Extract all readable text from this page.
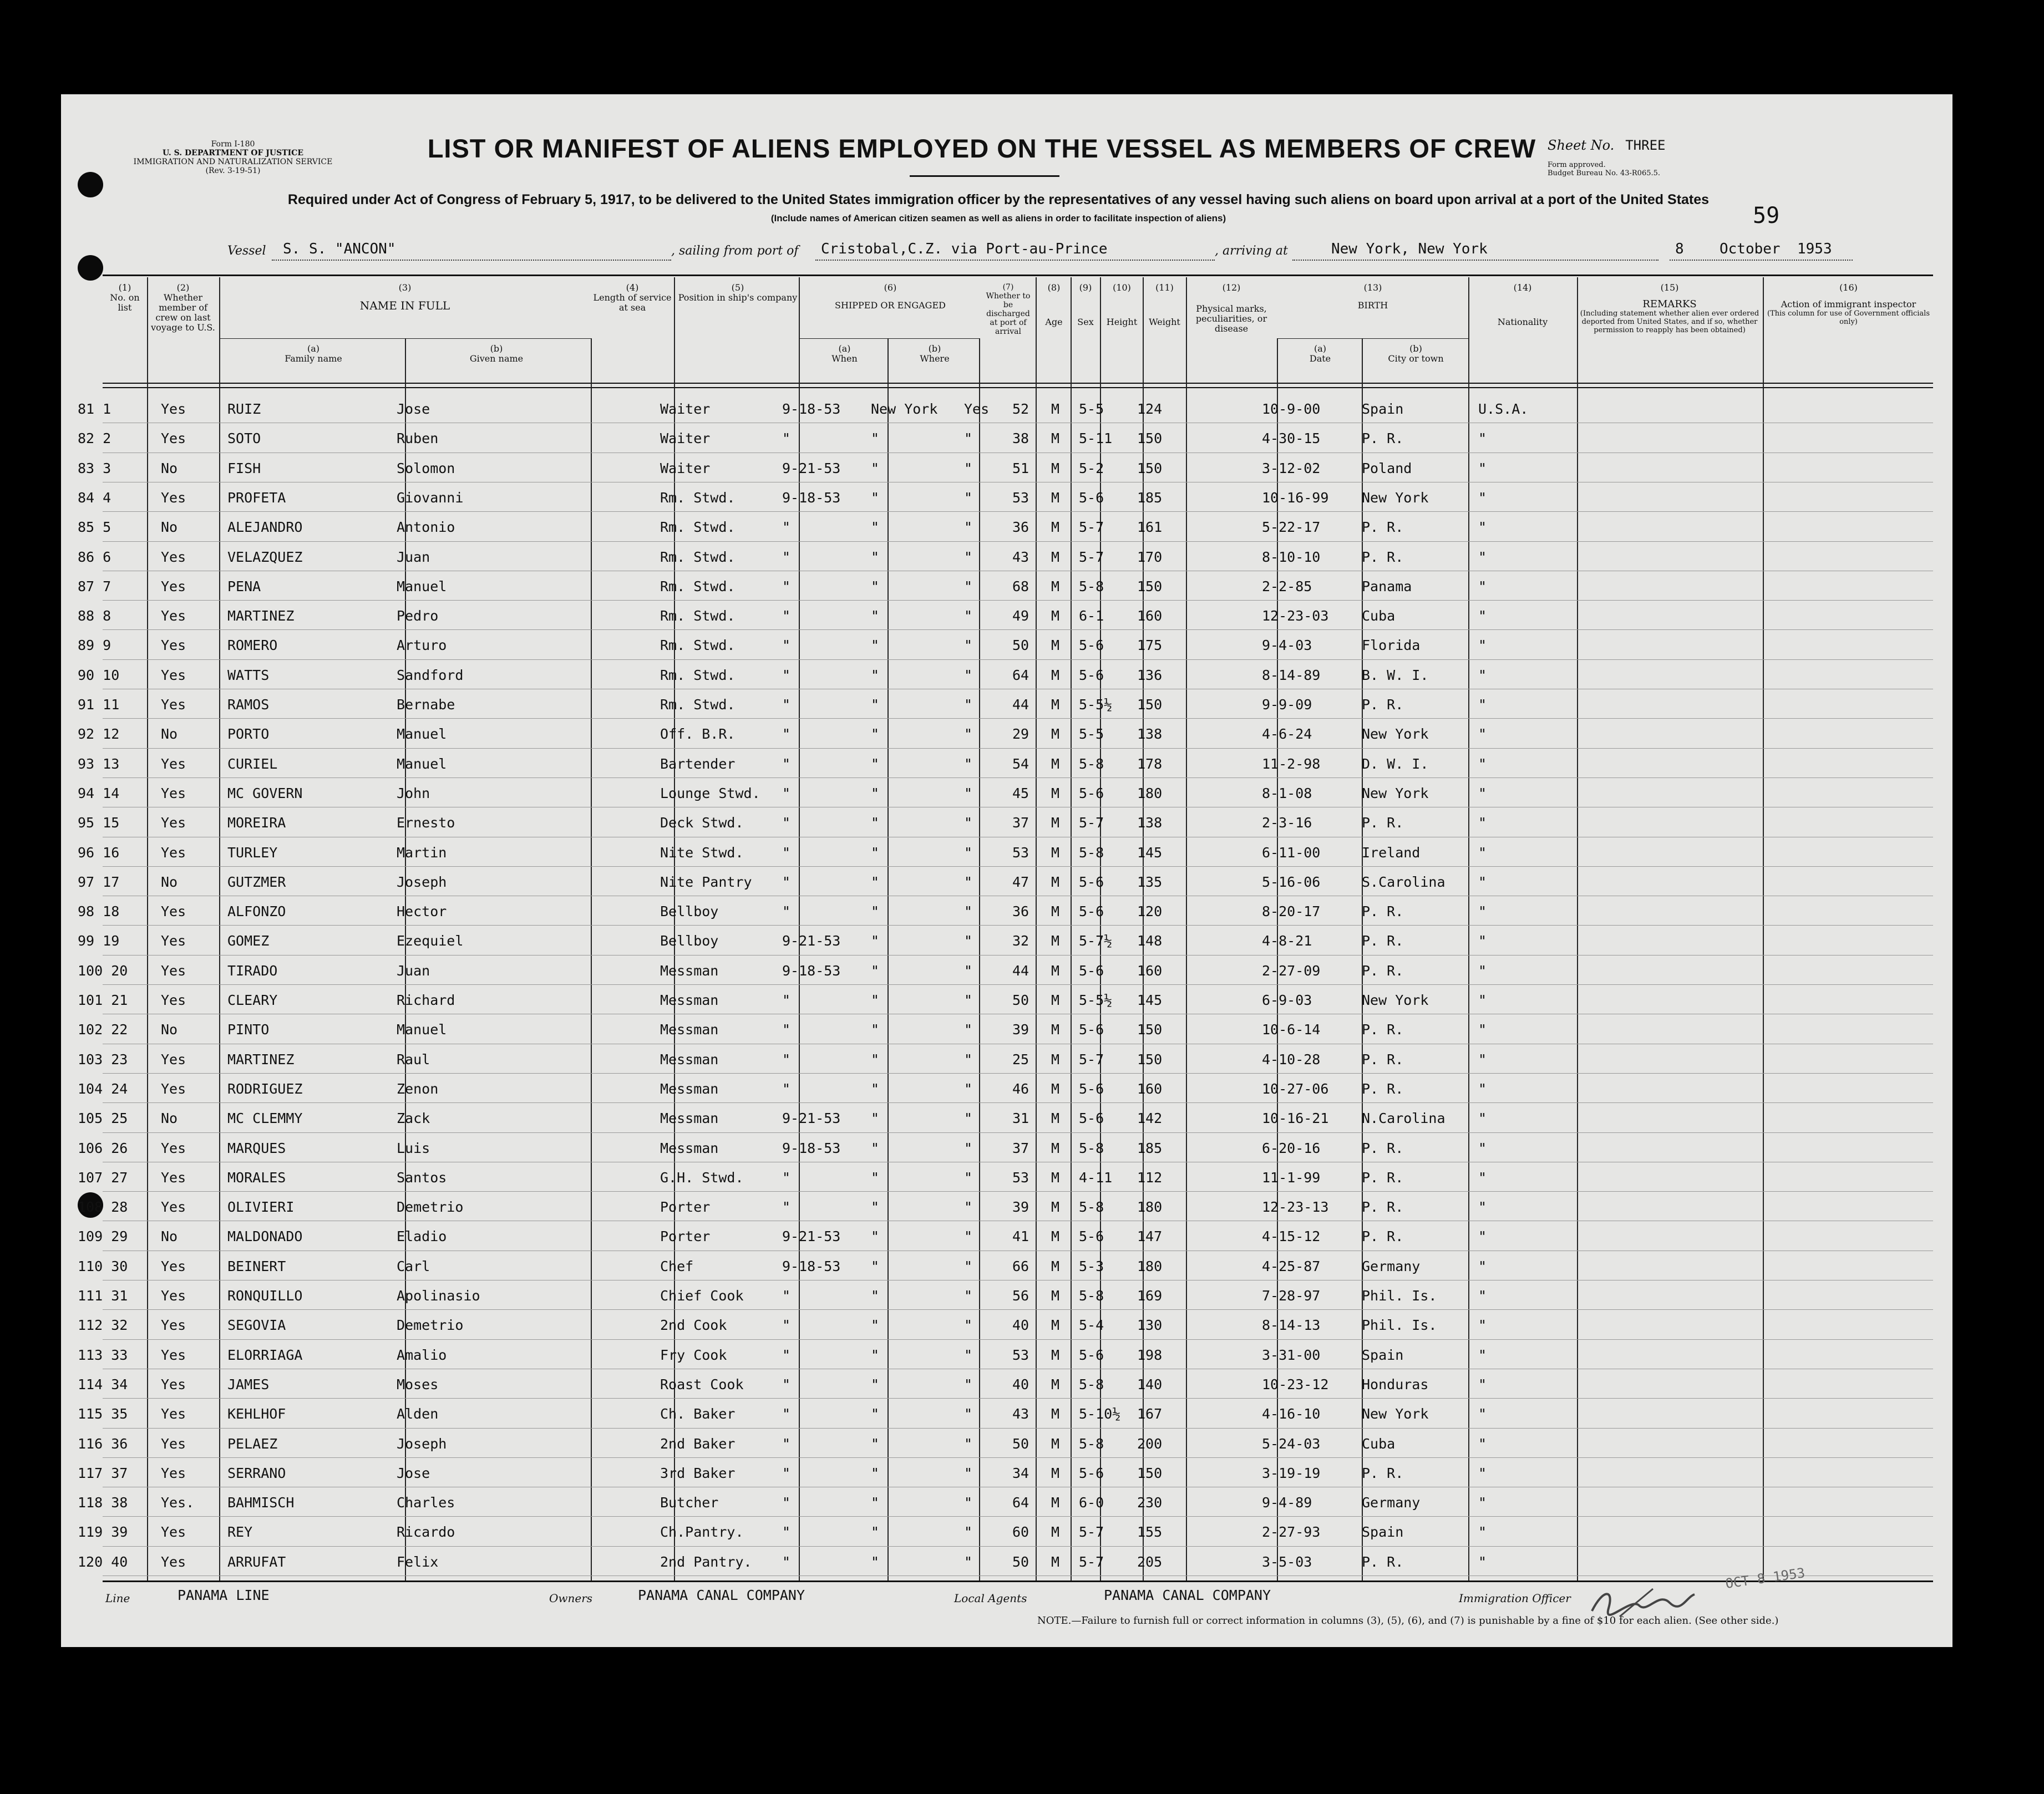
Form I-180
U. S. DEPARTMENT OF JUSTICE
IMMIGRATION AND NATURALIZATION SERVICE
(Rev. 3-19-51)
LIST OR MANIFEST OF ALIENS EMPLOYED ON THE VESSEL AS MEMBERS OF CREW Sheet No. THREE
Form approved.
Budget Bureau No. 43-R065.5.
Required under Act of Congress of February 5, 1917, to be delivered to the United States immigration officer by the representatives of any vessel having such aliens on board upon arrival at a port of the United States
(Include names of American citizen seamen as well as aliens in order to facilitate inspection of aliens)	59
Vessel S. S. "ANCON"	, sailing from port of Cristobal,C.Z. via Port-au-Prince	, arriving at	New York, New York	8 October 1953
(1)
No. on list
(2)
Whether member of crew on last voyage to U.S.
(3)
NAME IN FULL
(a)
Family name
(b)
Given name
(4)
Length of service at sea
(5)
Position in ship's company
(6)
SHIPPED OR ENGAGED
(a)
When
(b)
Where
(7)
Whether to be discharged at port of arrival
(8)
Age
(9)
Sex
(10)
Height
(11)
Weight
(12)
Physical marks, peculiarities, or disease
(13)
BIRTH
(a)
Date
(b)
City or town
(14)
Nationality
(15)
REMARKS
(Including statement whether alien ever ordered deported from United States, and if so, whether permission to reapply has been obtained)
(16)
Action of immigrant inspector
(This column for use of Government officials only)
81 1	Yes	RUIZ	Jose	Waiter	9-18-53 New York Yes 52 M 5-5 124	10-9-00	Spain	U.S.A.
82 2	Yes	SOTO	Ruben	Waiter	"	"	"	38 M 5-11 150	4-30-15	P. R.	"
83 3	No	FISH	Solomon	Waiter	9-21-53 "	"	51 M 5-2 150	3-12-02	Poland	"
84 4	Yes	PROFETA	Giovanni	Rm. Stwd.	9-18-53 "	"	53 M 5-6 185	10-16-99 New York	"
85 5	No	ALEJANDRO	Antonio	Rm. Stwd.	"	"	"	36 M 5-7 161	5-22-17	P. R.	"
86 6	Yes	VELAZQUEZ	Juan	Rm. Stwd.	"	"	"	43 M 5-7 170	8-10-10	P. R.	"
87 7	Yes	PENA	Manuel	Rm. Stwd.	"	"	"	68 M 5-8 150	2-2-85	Panama	"
88 8	Yes	MARTINEZ	Pedro	Rm. Stwd.	"	"	"	49 M 6-1 160	12-23-03 Cuba	"
89 9	Yes	ROMERO	Arturo	Rm. Stwd.	"	"	"	50 M 5-6 175	9-4-03	Florida	"
90 10	Yes	WATTS	Sandford	Rm. Stwd.	"	"	"	64 M 5-6 136	8-14-89	B. W. I.	"
91 11	Yes	RAMOS	Bernabe	Rm. Stwd.	"	"	"	44 M 5-5½ 150	9-9-09	P. R.	"
92 12	No	PORTO	Manuel	Off. B.R.	"	"	"	29 M 5-5 138	4-6-24	New York	"
93 13	Yes	CURIEL	Manuel	Bartender	"	"	"	54 M 5-8 178	11-2-98	D. W. I.	"
94 14	Yes	MC GOVERN	John	Lounge Stwd. "	"	"	45 M 5-6 180	8-1-08	New York	"
95 15	Yes	MOREIRA	Ernesto	Deck Stwd.	"	"	"	37 M 5-7 138	2-3-16	P. R.	"
96 16	Yes	TURLEY	Martin	Nite Stwd.	"	"	"	53 M 5-8 145	6-11-00	Ireland	"
97 17	No	GUTZMER	Joseph	Nite Pantry "	"	"	47 M 5-6 135	5-16-06	S.Carolina "
98 18	Yes	ALFONZO	Hector	Bellboy	"	"	"	36 M 5-6 120	8-20-17	P. R.	"
99 19	Yes	GOMEZ	Ezequiel	Bellboy	9-21-53 "	"	32 M 5-7½ 148	4-8-21	P. R.	"
100 20 Yes	TIRADO	Juan	Messman	9-18-53 "	"	44 M 5-6 160	2-27-09	P. R.	"
101 21 Yes	CLEARY	Richard	Messman	"	"	"	50 M 5-5½ 145	6-9-03	New York	"
102 22 No	PINTO	Manuel	Messman	"	"	"	39 M 5-6 150	10-6-14	P. R.	"
103 23 Yes	MARTINEZ	Raul	Messman	"	"	"	25 M 5-7 150	4-10-28	P. R.	"
104 24 Yes	RODRIGUEZ	Zenon	Messman	"	"	"	46 M 5-6 160	10-27-06 P. R.	"
105 25 No	MC CLEMMY	Zack	Messman	9-21-53 "	"	31 M 5-6 142	10-16-21 N.Carolina "
106 26 Yes	MARQUES	Luis	Messman	9-18-53 "	"	37 M 5-8 185	6-20-16	P. R.	"
107 27 Yes	MORALES	Santos	G.H. Stwd.	"	"	"	53 M 4-11 112	11-1-99	P. R.	"
108 28 Yes	OLIVIERI	Demetrio	Porter	"	"	"	39 M 5-8 180	12-23-13 P. R.	"
109 29 No	MALDONADO	Eladio	Porter	9-21-53 "	"	41 M 5-6 147	4-15-12	P. R.	"
110 30 Yes	BEINERT	Carl	Chef	9-18-53 "	"	66 M 5-3 180	4-25-87	Germany	"
111 31 Yes	RONQUILLO	Apolinasio	Chief Cook	"	"	"	56 M 5-8 169	7-28-97	Phil. Is.	"
112 32 Yes	SEGOVIA	Demetrio	2nd Cook	"	"	"	40 M 5-4 130	8-14-13	Phil. Is.	"
113 33 Yes	ELORRIAGA	Amalio	Fry Cook	"	"	"	53 M 5-6 198	3-31-00	Spain	"
114 34 Yes	JAMES	Moses	Roast Cook	"	"	"	40 M 5-8 140	10-23-12 Honduras	"
115 35 Yes	KEHLHOF	Alden	Ch. Baker	"	"	"	43 M 5-10½ 167	4-16-10	New York	"
116 36 Yes	PELAEZ	Joseph	2nd Baker	"	"	"	50 M 5-8 200	5-24-03	Cuba	"
117 37 Yes	SERRANO	Jose	3rd Baker	"	"	"	34 M 5-6 150	3-19-19	P. R.	"
118 38 Yes. BAHMISCH	Charles	Butcher	"	"	"	64 M 6-0 230	9-4-89	Germany	"
119 39 Yes	REY	Ricardo	Ch.Pantry.	"	"	"	60 M 5-7 155	2-27-93	Spain	"
120 40 Yes	ARRUFAT	Felix	2nd Pantry. "	"	"	50 M 5-7 205	3-5-03	P. R.	"
Line	PANAMA LINE	Owners	PANAMA CANAL COMPANY	Local Agents	PANAMA CANAL COMPANY	Immigration Officer
OCT 8 1953
NOTE.—Failure to furnish full or correct information in columns (3), (5), (6), and (7) is punishable by a fine of $10 for each alien. (See other side.)
